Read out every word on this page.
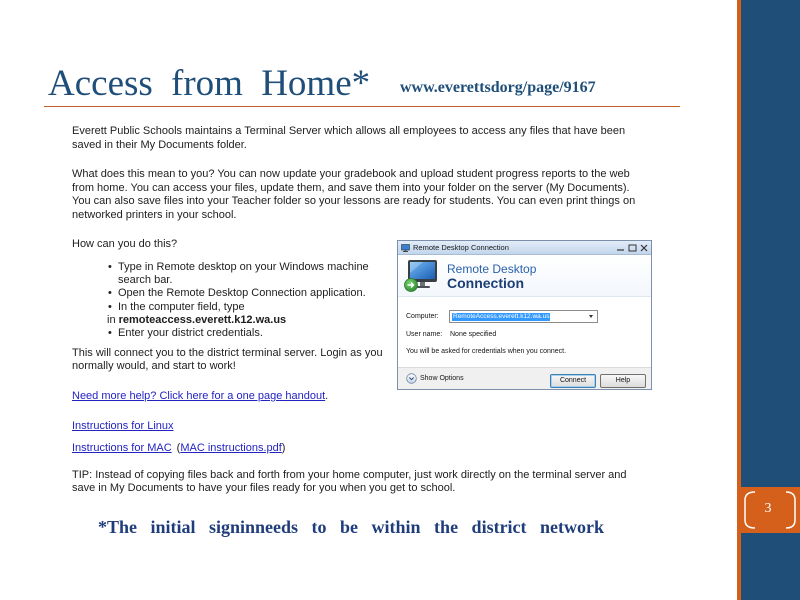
3
Access from Home* www.everettsdorg/page/9167
Everett Public Schools maintains a Terminal Server which allows all employees to access any files that have been
saved in their My Documents folder.
What does this mean to you? You can now update your gradebook and upload student progress reports to the web
from home. You can access your files, update them, and save them into your folder on the server (My Documents).
You can also save files into your Teacher folder so your lessons are ready for students. You can even print things on
networked printers in your school.
How can you do this?
• Type in Remote desktop on your Windows machine
search bar.
• Open the Remote Desktop Connection application.
• In the computer field, type
in remoteaccess.everett.k12.wa.us
• Enter your district credentials.
This will connect you to the district terminal server. Login as you
normally would, and start to work!
Need more help? Click here for a one page handout.
Instructions for Linux
Instructions for MAC (MAC instructions.pdf)
TIP: Instead of copying files back and forth from your home computer, just work directly on the terminal server and
save in My Documents to have your files ready for you when you get to school.
Remote Desktop Connection
Remote Desktop
Connection
Computer: RemoteAccess.everett.k12.wa.us
User name: None specified
You will be asked for credentials when you connect.
Show Options	Connect	Help
*The initial signinneeds to be within the district network
